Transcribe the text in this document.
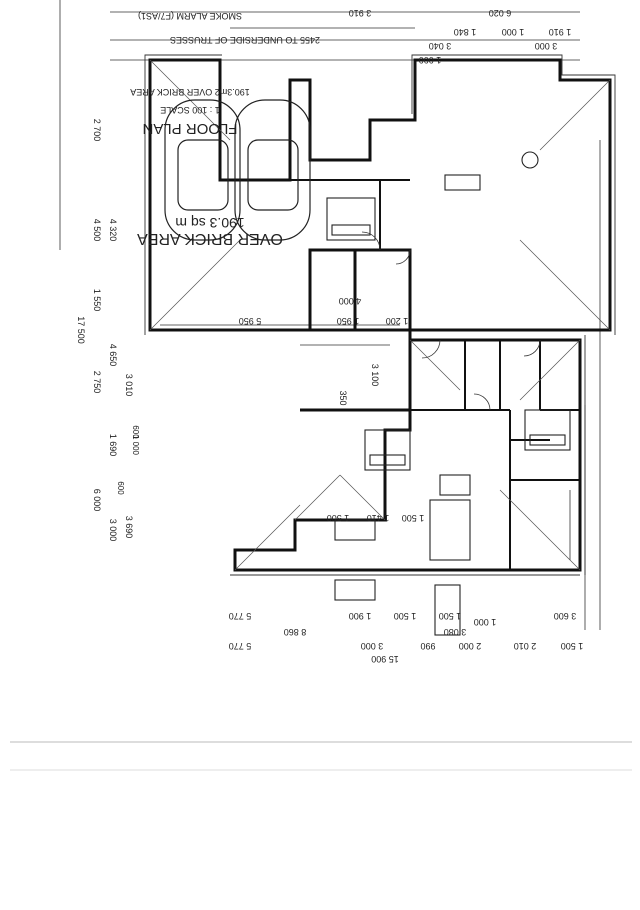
SMOKE ALARM (F7/AS1)
2455 TO UNDERSIDE OF TRUSSES
190.3m2 OVER BRICK AREA
1 : 100 SCALE
FLOOR PLAN
OVER BRICK AREA
190.3 sq m
3 910	6 020
1 910
1 000
1 840
3 040
1 000
3 000
2 700
4 320
4 500
1 550
17 500
4 650
2 750 3 010
1 690
6 000
3 000 3 690
4 000
5 950	1 950	1 200
3 100
350
600
1 000
600
1 500 1 410 1 500
5 770	1 900 1 500 1 500	3 600
1 000
8 860	3 080
5 770	3 000	990	2 000	2 010	1 500
15 900
